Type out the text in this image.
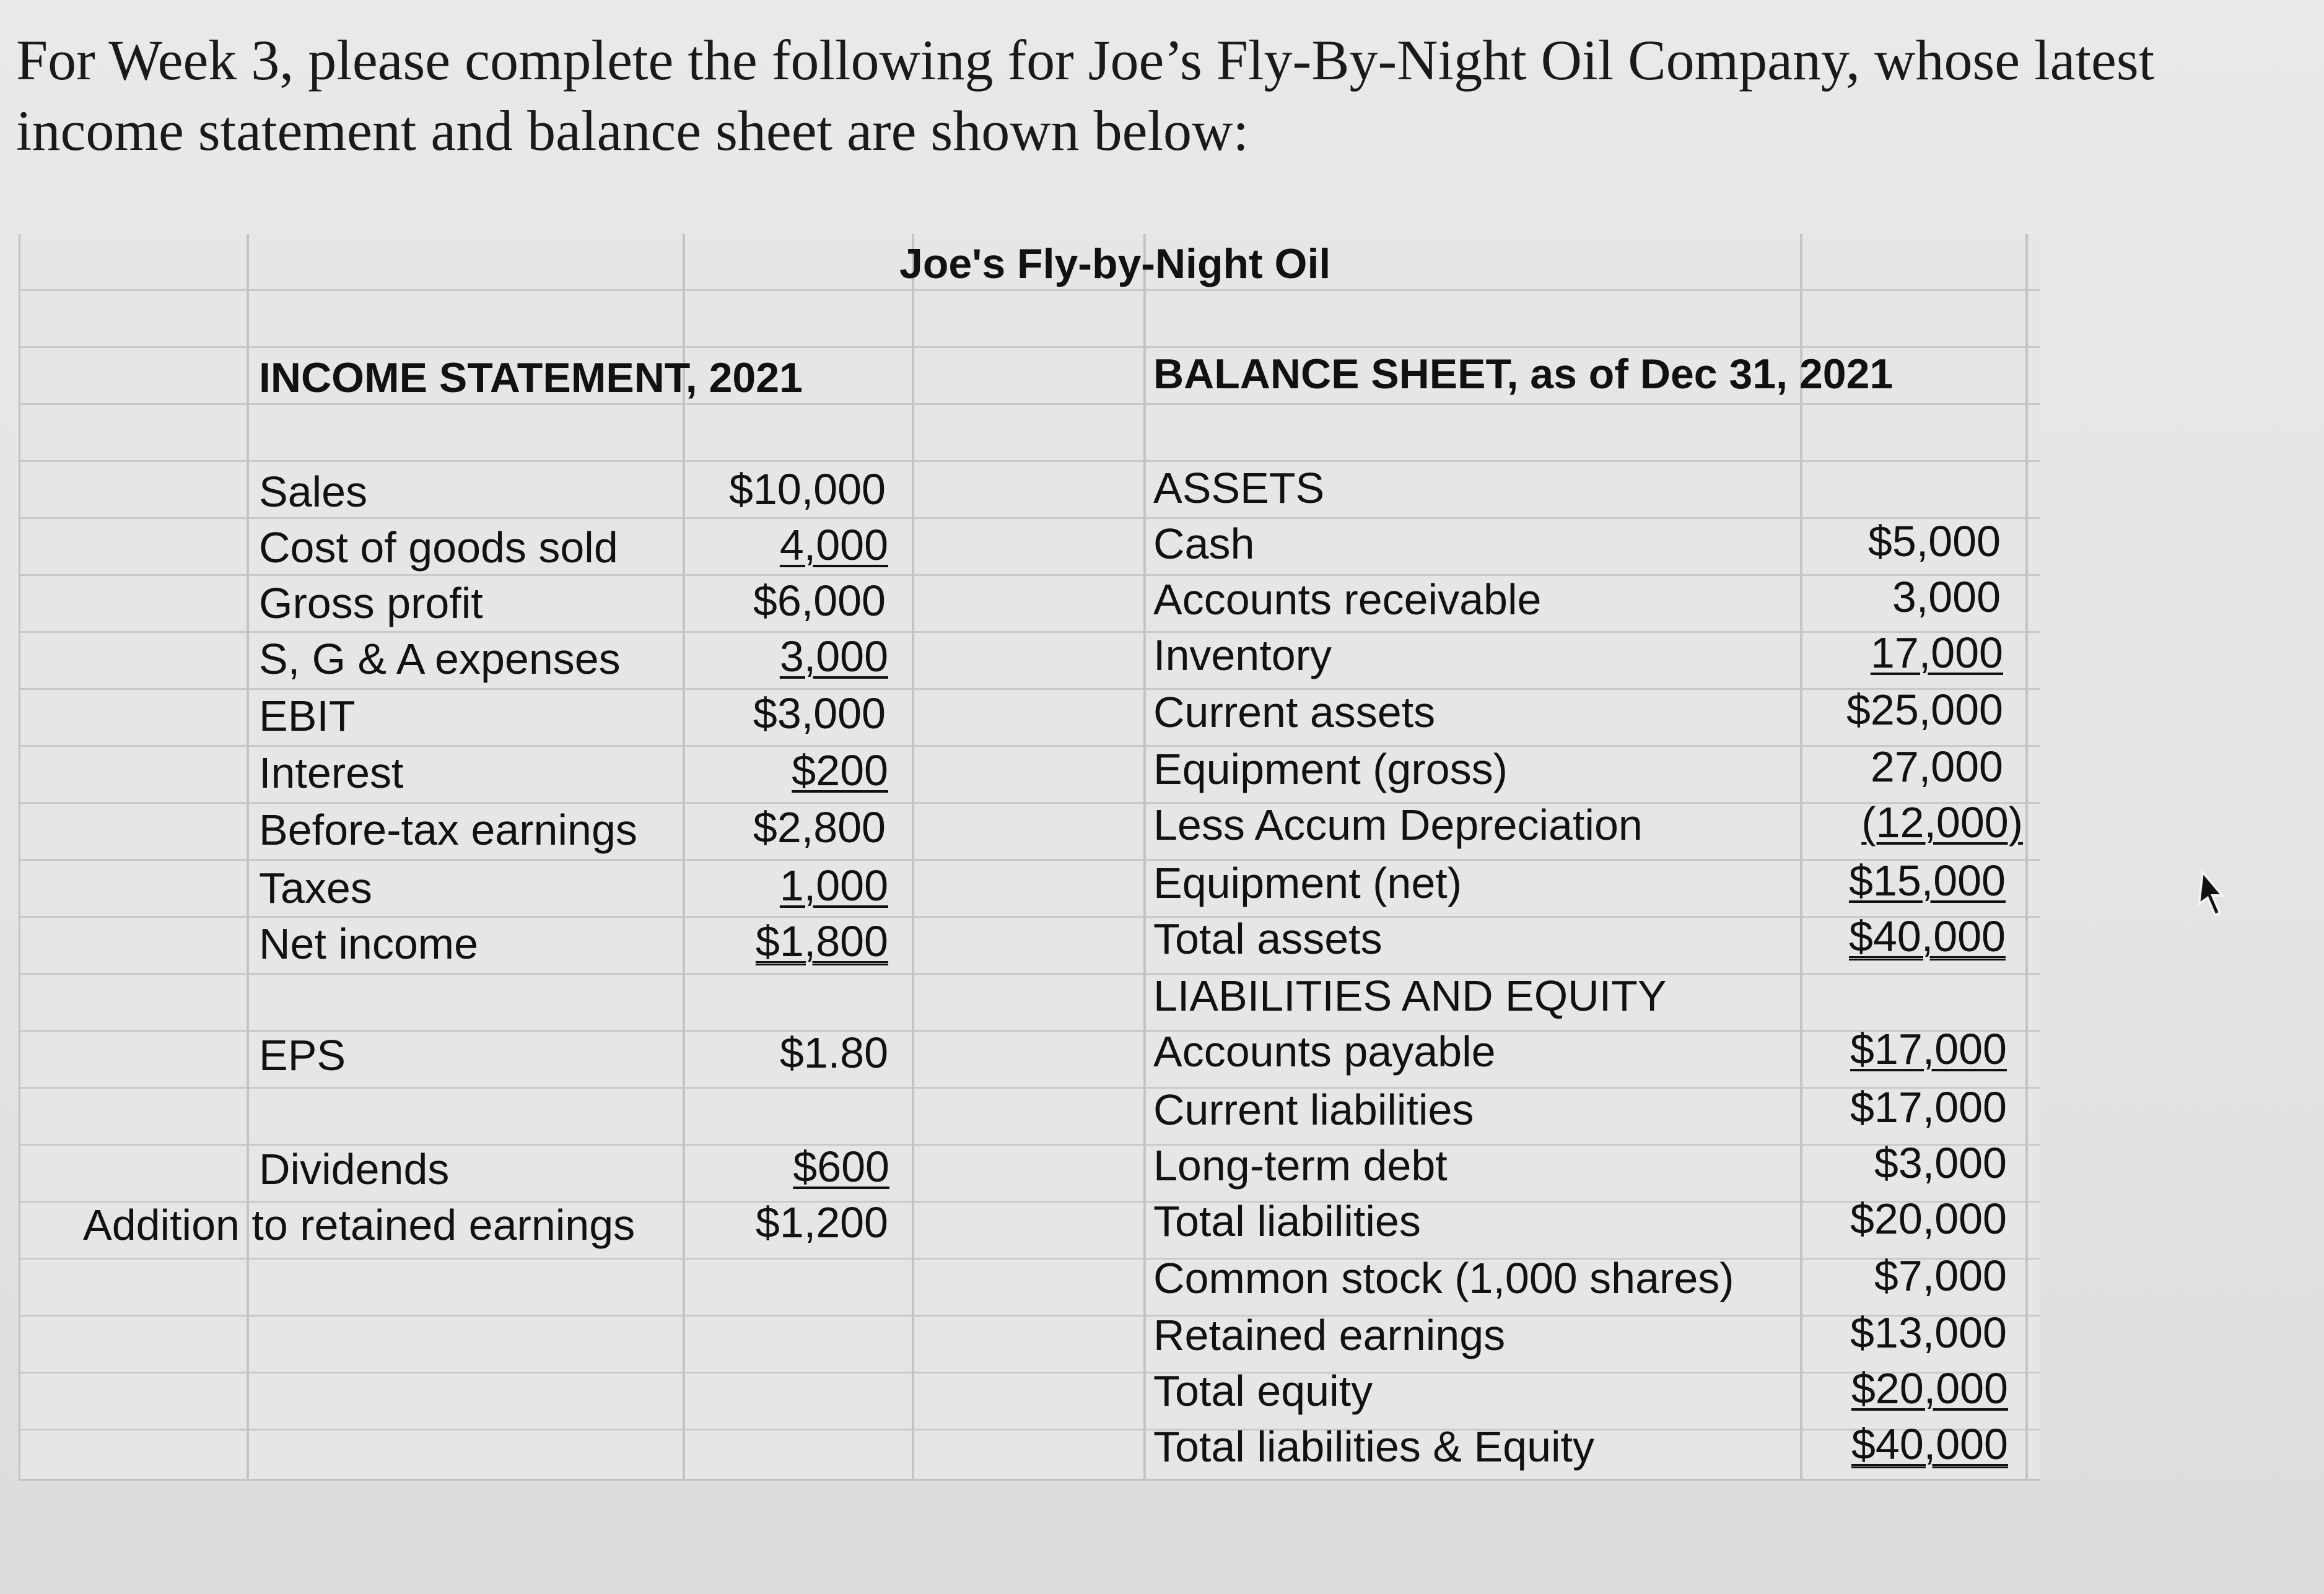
For Week 3, please complete the following for Joe’s Fly-By-Night Oil Company, whose latest income statement and balance sheet are shown below:

Joe's Fly-by-Night Oil
INCOME STATEMENT, 2021
Sales	$10,000
Cost of goods sold	4,000
Gross profit	$6,000
S, G & A expenses	3,000
EBIT	$3,000
Interest	$200
Before-tax earnings	$2,800
Taxes	1,000
Net income	$1,800
EPS	$1.80
Dividends	$600
Addition to retained earnings	$1,200
BALANCE SHEET, as of Dec 31, 2021
ASSETS
Cash	$5,000
Accounts receivable	3,000
Inventory	17,000
Current assets	$25,000
Equipment (gross)	27,000
Less Accum Depreciation	(12,000)
Equipment (net)	$15,000
Total assets	$40,000
LIABILITIES AND EQUITY
Accounts payable	$17,000
Current liabilities	$17,000
Long-term debt	$3,000
Total liabilities	$20,000
Common stock (1,000 shares)	$7,000
Retained earnings	$13,000
Total equity	$20,000
Total liabilities & Equity	$40,000
